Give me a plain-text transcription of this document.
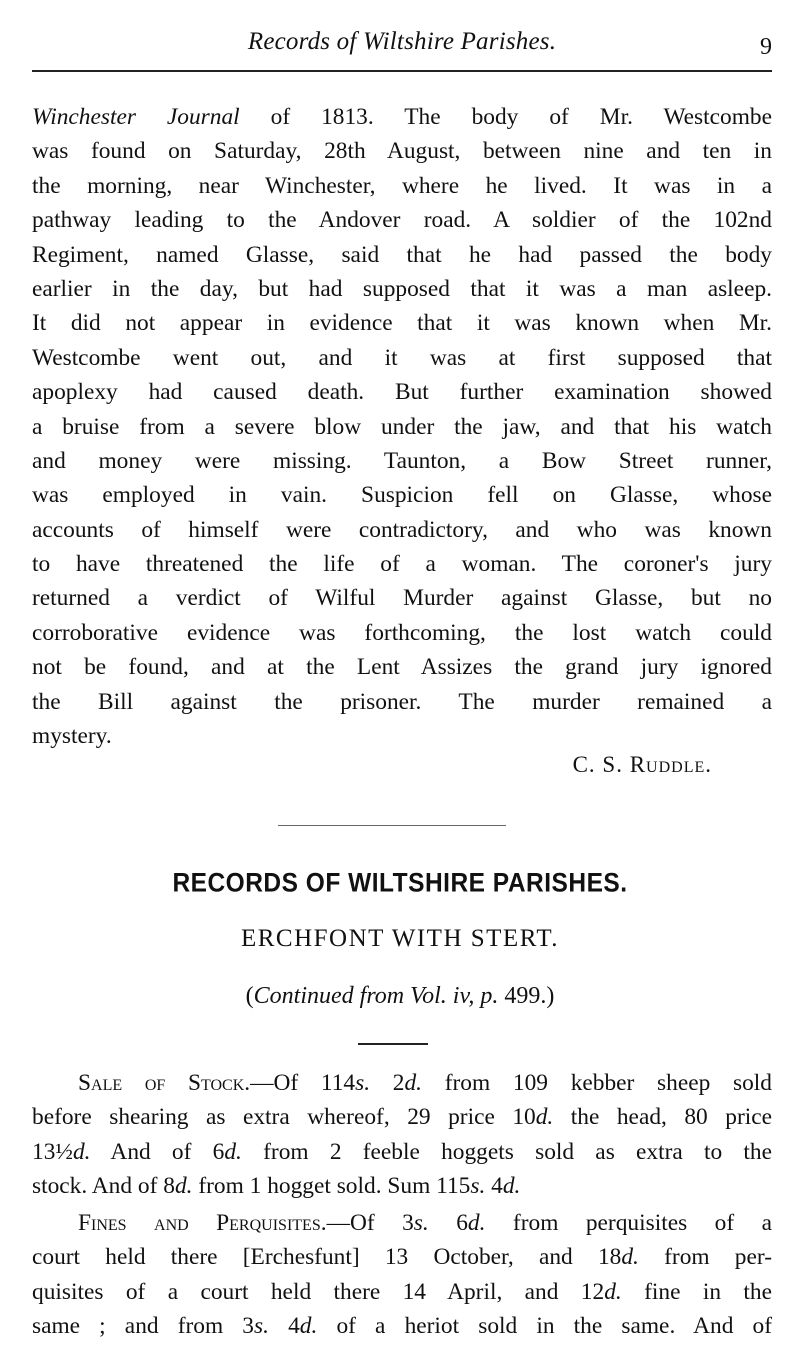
Records of Wiltshire Parishes.	9
Winchester Journal of 1813. The body of Mr. Westcombe
was found on Saturday, 28th August, between nine and ten in
the morning, near Winchester, where he lived. It was in a
pathway leading to the Andover road. A soldier of the 102nd
Regiment, named Glasse, said that he had passed the body
earlier in the day, but had supposed that it was a man asleep.
It did not appear in evidence that it was known when Mr.
Westcombe went out, and it was at first supposed that
apoplexy had caused death. But further examination showed
a bruise from a severe blow under the jaw, and that his watch
and money were missing. Taunton, a Bow Street runner,
was employed in vain. Suspicion fell on Glasse, whose
accounts of himself were contradictory, and who was known
to have threatened the life of a woman. The coroner's jury
returned a verdict of Wilful Murder against Glasse, but no
corroborative evidence was forthcoming, the lost watch could
not be found, and at the Lent Assizes the grand jury ignored
the Bill against the prisoner. The murder remained a
mystery.
C. S. Ruddle.
RECORDS OF WILTSHIRE PARISHES.
ERCHFONT WITH STERT.
(Continued from Vol. iv, p. 499.)
Sale of Stock.—Of 114s. 2d. from 109 kebber sheep sold
before shearing as extra whereof, 29 price 10d. the head, 80 price
13½d. And of 6d. from 2 feeble hoggets sold as extra to the
stock. And of 8d. from 1 hogget sold. Sum 115s. 4d.
Fines and Perquisites.—Of 3s. 6d. from perquisites of a
court held there [Erchesfunt] 13 October, and 18d. from per-
quisites of a court held there 14 April, and 12d. fine in the
same ; and from 3s. 4d. of a heriot sold in the same. And of
